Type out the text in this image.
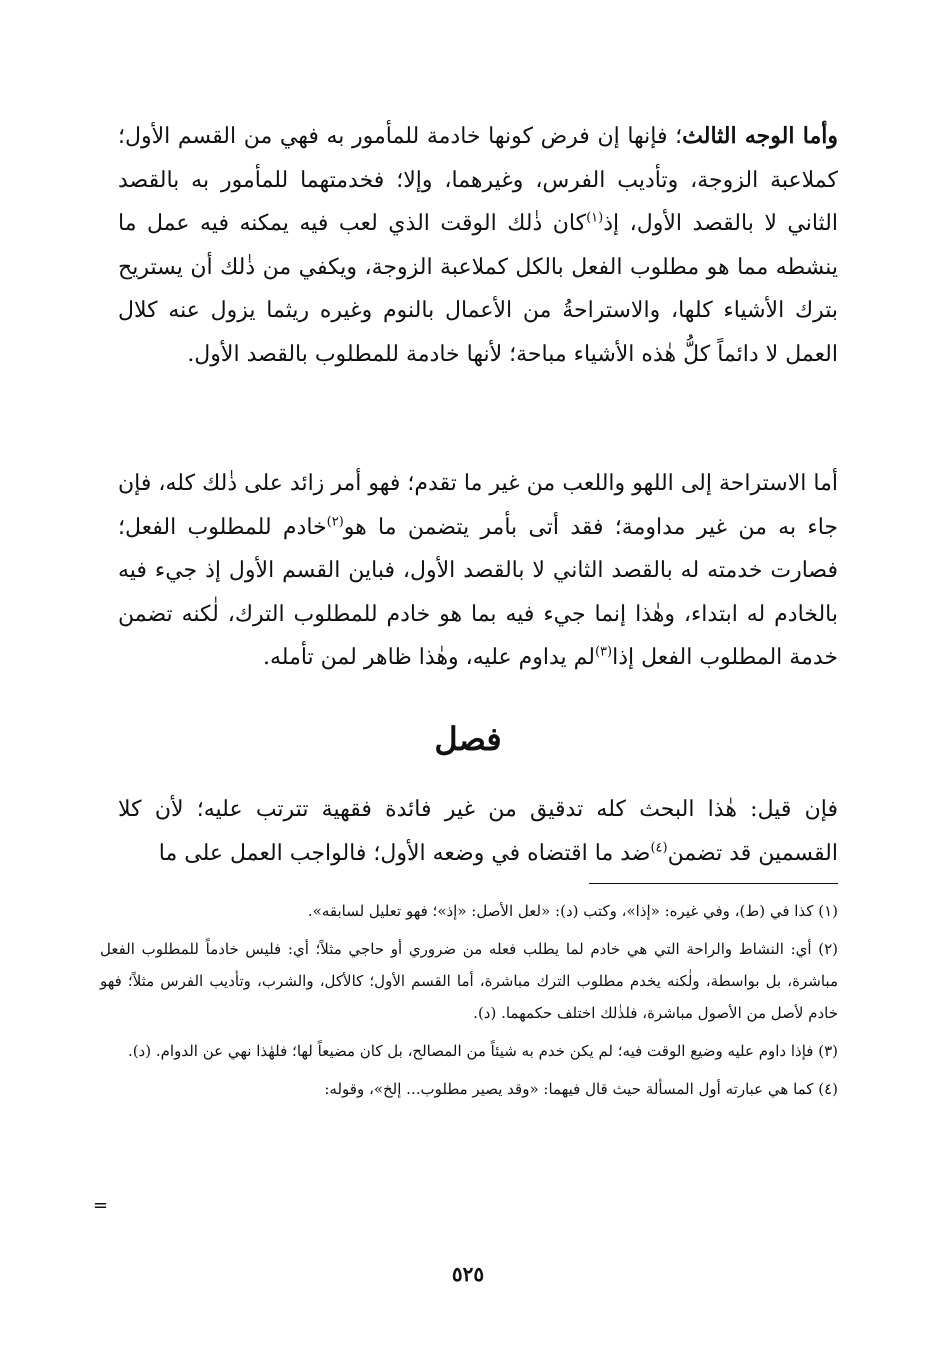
وأما الوجه الثالث؛ فإنها إن فرض كونها خادمة للمأمور به فهي من القسم الأول؛ كملاعبة الزوجة، وتأديب الفرس، وغيرهما، وإلا؛ فخدمتهما للمأمور به بالقصد الثاني لا بالقصد الأول، إذ$^{(١)}$كان ذٰلك الوقت الذي لعب فيه يمكنه فيه عمل ما ينشطه مما هو مطلوب الفعل بالكل كملاعبة الزوجة، ويكفي من ذٰلك أن يستريح بترك الأشياء كلها، والاستراحةُ من الأعمال بالنوم وغيره ريثما يزول عنه كلال العمل لا دائماً كلُّ هٰذه الأشياء مباحة؛ لأنها خادمة للمطلوب بالقصد الأول.

أما الاستراحة إلى اللهو واللعب من غير ما تقدم؛ فهو أمر زائد على ذٰلك كله، فإن جاء به من غير مداومة؛ فقد أتى بأمر يتضمن ما هو$^{(٢)}$خادم للمطلوب الفعل؛ فصارت خدمته له بالقصد الثاني لا بالقصد الأول، فباين القسم الأول إذ جيء فيه بالخادم له ابتداء، وهٰذا إنما جيء فيه بما هو خادم للمطلوب الترك، لٰكنه تضمن خدمة المطلوب الفعل إذا$^{(٣)}$لم يداوم عليه، وهٰذا ظاهر لمن تأمله.

فصل

فإن قيل: هٰذا البحث كله تدقيق من غير فائدة فقهية تترتب عليه؛ لأن كلا القسمين قد تضمن$^{(٤)}$ضد ما اقتضاه في وضعه الأول؛ فالواجب العمل على ما

(١) كذا في (ط)، وفي غيره: «إذا»، وكتب (د): «لعل الأصل: «إذ»؛ فهو تعليل لسابقه».

(٢) أي: النشاط والراحة التي هي خادم لما يطلب فعله من ضروري أو حاجي مثلاً؛ أي: فليس خادماً للمطلوب الفعل مباشرة، بل بواسطة، ولٰكنه يخدم مطلوب الترك مباشرة، أما القسم الأول؛ كالأكل، والشرب، وتأديب الفرس مثلاً؛ فهو خادم لأصل من الأصول مباشرة، فلذٰلك اختلف حكمهما. (د).

(٣) فإذا داوم عليه وضيع الوقت فيه؛ لم يكن خدم به شيئاً من المصالح، بل كان مضيعاً لها؛ فلهٰذا نهي عن الدوام. (د).

(٤) كما هي عبارته أول المسألة حيث قال فيهما: «وقد يصير مطلوب... إلخ»، وقوله:

=

٥٢٥
